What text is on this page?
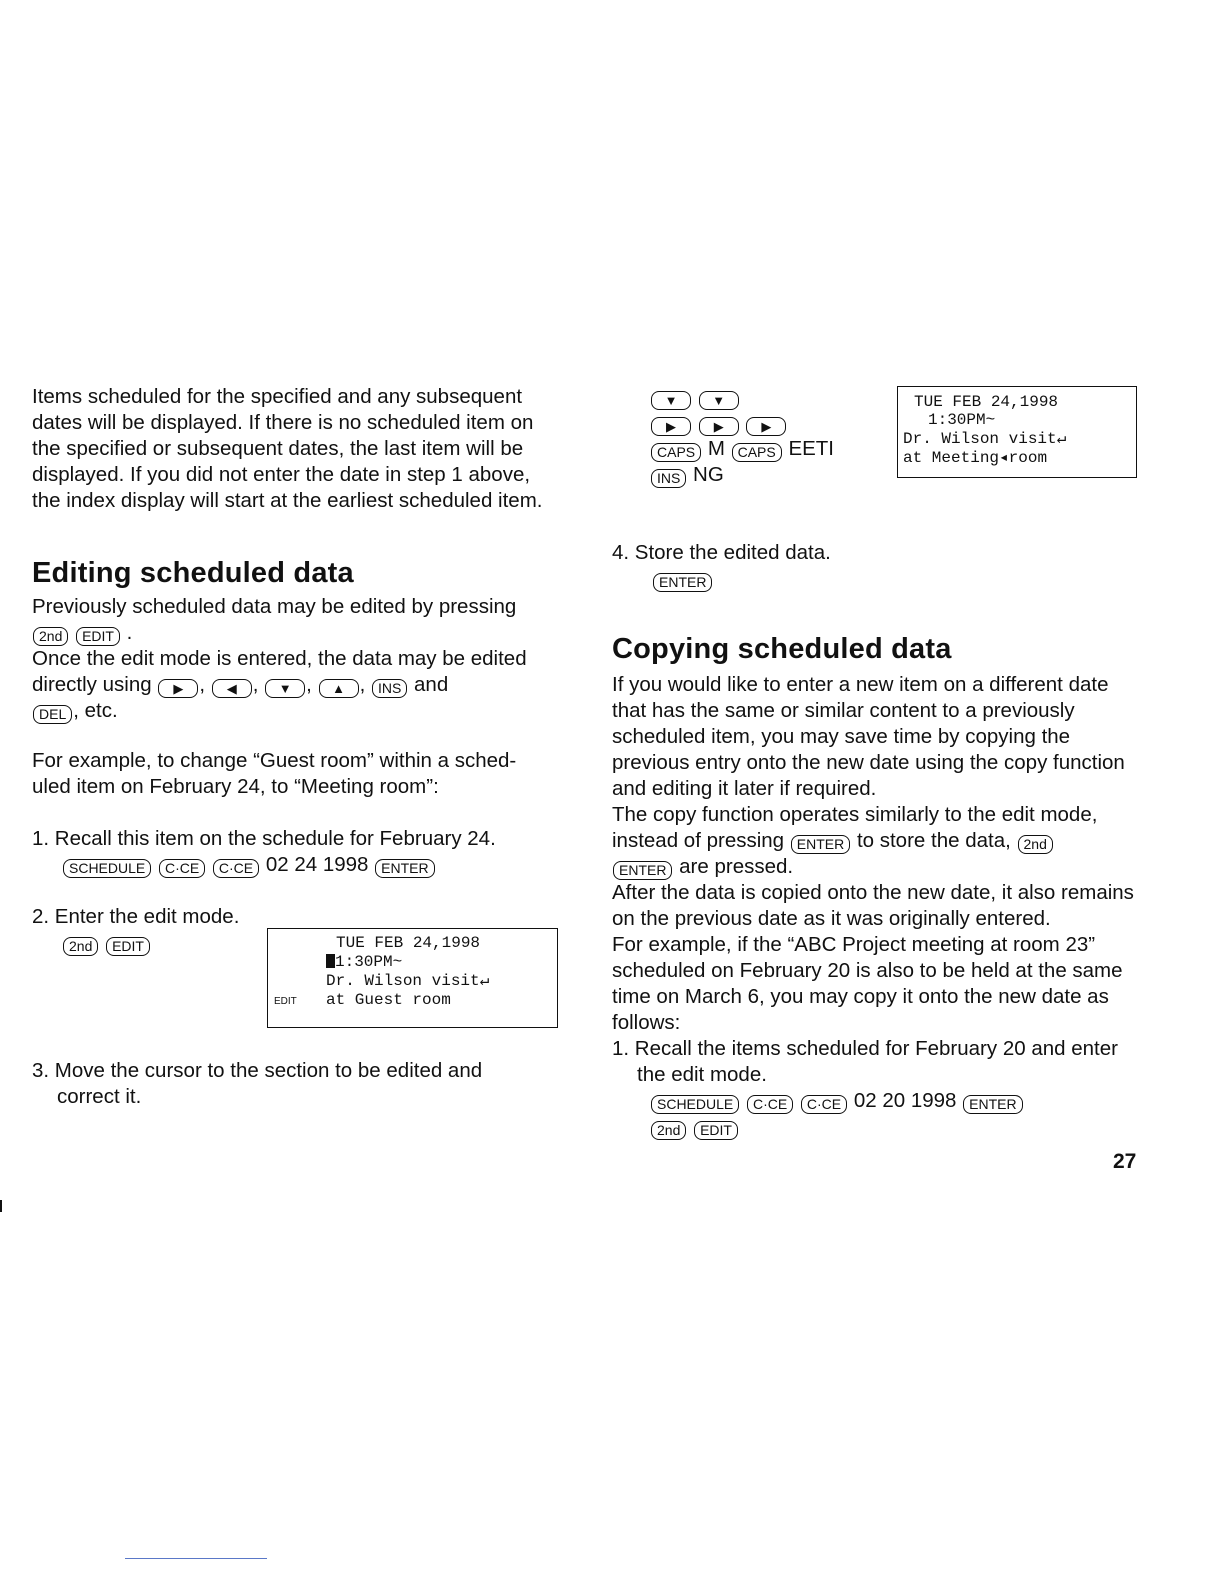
Items scheduled for the specified and any subsequent

dates will be displayed. If there is no scheduled item on

the specified or subsequent dates, the last item will be

displayed. If you did not enter the date in step 1 above,

the index display will start at the earliest scheduled item.

Editing scheduled data

Previously scheduled data may be edited by pressing

2nd EDIT .

Once the edit mode is entered, the data may be edited

directly using ▶ , ◀ , ▼ , ▲ , INS and

DEL , etc.

For example, to change “Guest room” within a sched-

uled item on February 24, to “Meeting room”:

1. Recall this item on the schedule for February 24.

SCHEDULE C·CE C·CE 02 24 1998 ENTER

2. Enter the edit mode.

2nd EDIT	TUE FEB 24,1998
1:30PM~
Dr. Wilson visit↵
EDIT at Guest room

3. Move the cursor to the section to be edited and

correct it.

▼	▼

▶	▶	▶

CAPS M CAPS EETI

INS NG

TUE FEB 24,1998
1:30PM~
Dr. Wilson visit↵
at Meeting◂room

4. Store the edited data.

ENTER

Copying scheduled data

If you would like to enter a new item on a different date

that has the same or similar content to a previously

scheduled item, you may save time by copying the

previous entry onto the new date using the copy function

and editing it later if required.

The copy function operates similarly to the edit mode,

instead of pressing ENTER to store the data, 2nd

ENTER are pressed.

After the data is copied onto the new date, it also remains

on the previous date as it was originally entered.

For example, if the “ABC Project meeting at room 23”

scheduled on February 20 is also to be held at the same

time on March 6, you may copy it onto the new date as

follows:

1. Recall the items scheduled for February 20 and enter

the edit mode.

SCHEDULE C·CE C·CE 02 20 1998 ENTER

2nd EDIT

27
